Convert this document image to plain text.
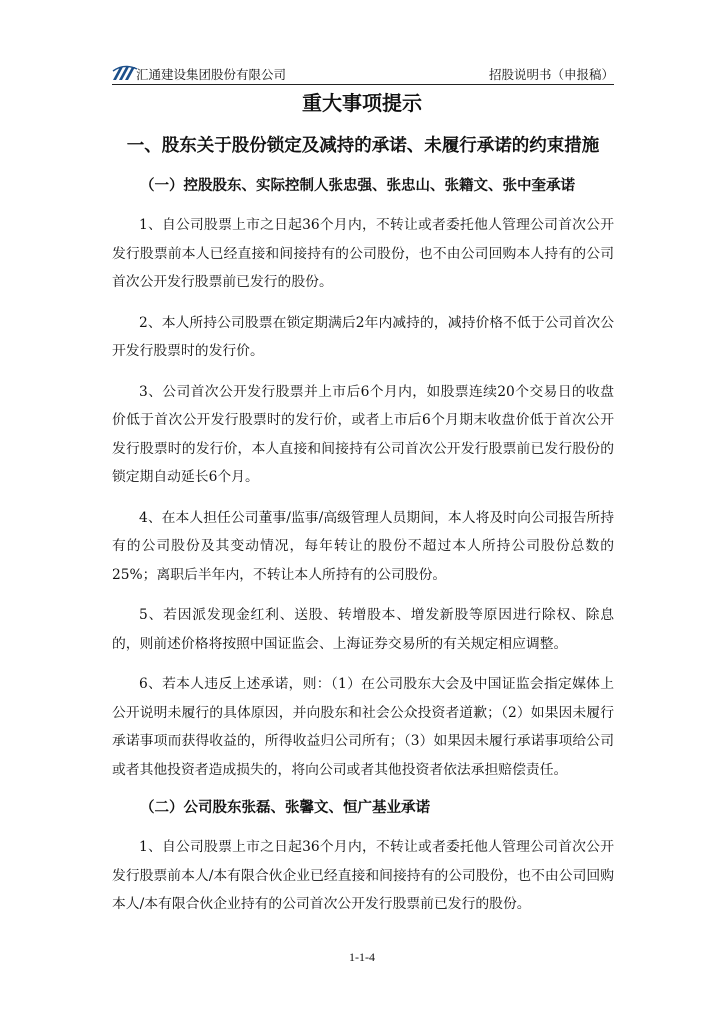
汇通建设集团股份有限公司	招股说明书（申报稿）
重大事项提示
一、股东关于股份锁定及减持的承诺、未履行承诺的约束措施
（一）控股股东、实际控制人张忠强、张忠山、张籍文、张中奎承诺

1、自公司股票上市之日起36个月内，不转让或者委托他人管理公司首次公开发行股票前本人已经直接和间接持有的公司股份，也不由公司回购本人持有的公司首次公开发行股票前已发行的股份。

2、本人所持公司股票在锁定期满后2年内减持的，减持价格不低于公司首次公开发行股票时的发行价。

3、公司首次公开发行股票并上市后6个月内，如股票连续20个交易日的收盘价低于首次公开发行股票时的发行价，或者上市后6个月期末收盘价低于首次公开发行股票时的发行价，本人直接和间接持有公司首次公开发行股票前已发行股份的锁定期自动延长6个月。

4、在本人担任公司董事/监事/高级管理人员期间，本人将及时向公司报告所持有的公司股份及其变动情况，每年转让的股份不超过本人所持公司股份总数的25%；离职后半年内，不转让本人所持有的公司股份。

5、若因派发现金红利、送股、转增股本、增发新股等原因进行除权、除息的，则前述价格将按照中国证监会、上海证券交易所的有关规定相应调整。

6、若本人违反上述承诺，则：（1）在公司股东大会及中国证监会指定媒体上公开说明未履行的具体原因，并向股东和社会公众投资者道歉；（2）如果因未履行承诺事项而获得收益的，所得收益归公司所有；（3）如果因未履行承诺事项给公司或者其他投资者造成损失的，将向公司或者其他投资者依法承担赔偿责任。

（二）公司股东张磊、张馨文、恒广基业承诺

1、自公司股票上市之日起36个月内，不转让或者委托他人管理公司首次公开发行股票前本人/本有限合伙企业已经直接和间接持有的公司股份，也不由公司回购本人/本有限合伙企业持有的公司首次公开发行股票前已发行的股份。

1-1-4
